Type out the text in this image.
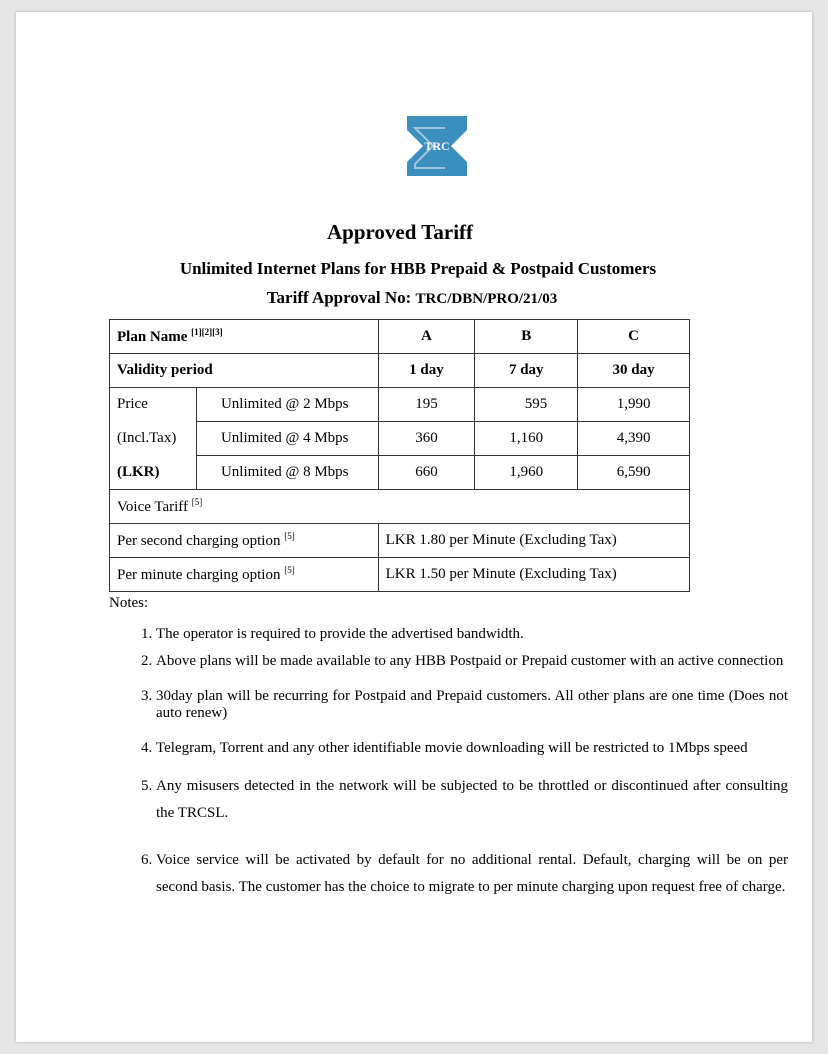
TRC
Approved Tariff
Unlimited Internet Plans for HBB Prepaid & Postpaid Customers
Tariff Approval No: TRC/DBN/PRO/21/03
Plan Name [1][2][3]		A	B	C
Validity period		1 day	7 day	30 day
Price	Unlimited @ 2 Mbps	195	595	1,990
(Incl.Tax)	Unlimited @ 4 Mbps	360	1,160	4,390
(LKR)	Unlimited @ 8 Mbps	660	1,960	6,590
Voice Tariff [5]
Per second charging option [5]		LKR 1.80 per Minute (Excluding Tax)		
Per minute charging option [5]		LKR 1.50 per Minute (Excluding Tax)		
Notes:
1. The operator is required to provide the advertised bandwidth.
2. Above plans will be made available to any HBB Postpaid or Prepaid customer with an active connection
3. 30day plan will be recurring for Postpaid and Prepaid customers. All other plans are one time (Does not auto renew)
4. Telegram, Torrent and any other identifiable movie downloading will be restricted to 1Mbps speed
5. Any misusers detected in the network will be subjected to be throttled or discontinued after consulting the TRCSL.
6. Voice service will be activated by default for no additional rental. Default, charging will be on per second basis. The customer has the choice to migrate to per minute charging upon request free of charge.
